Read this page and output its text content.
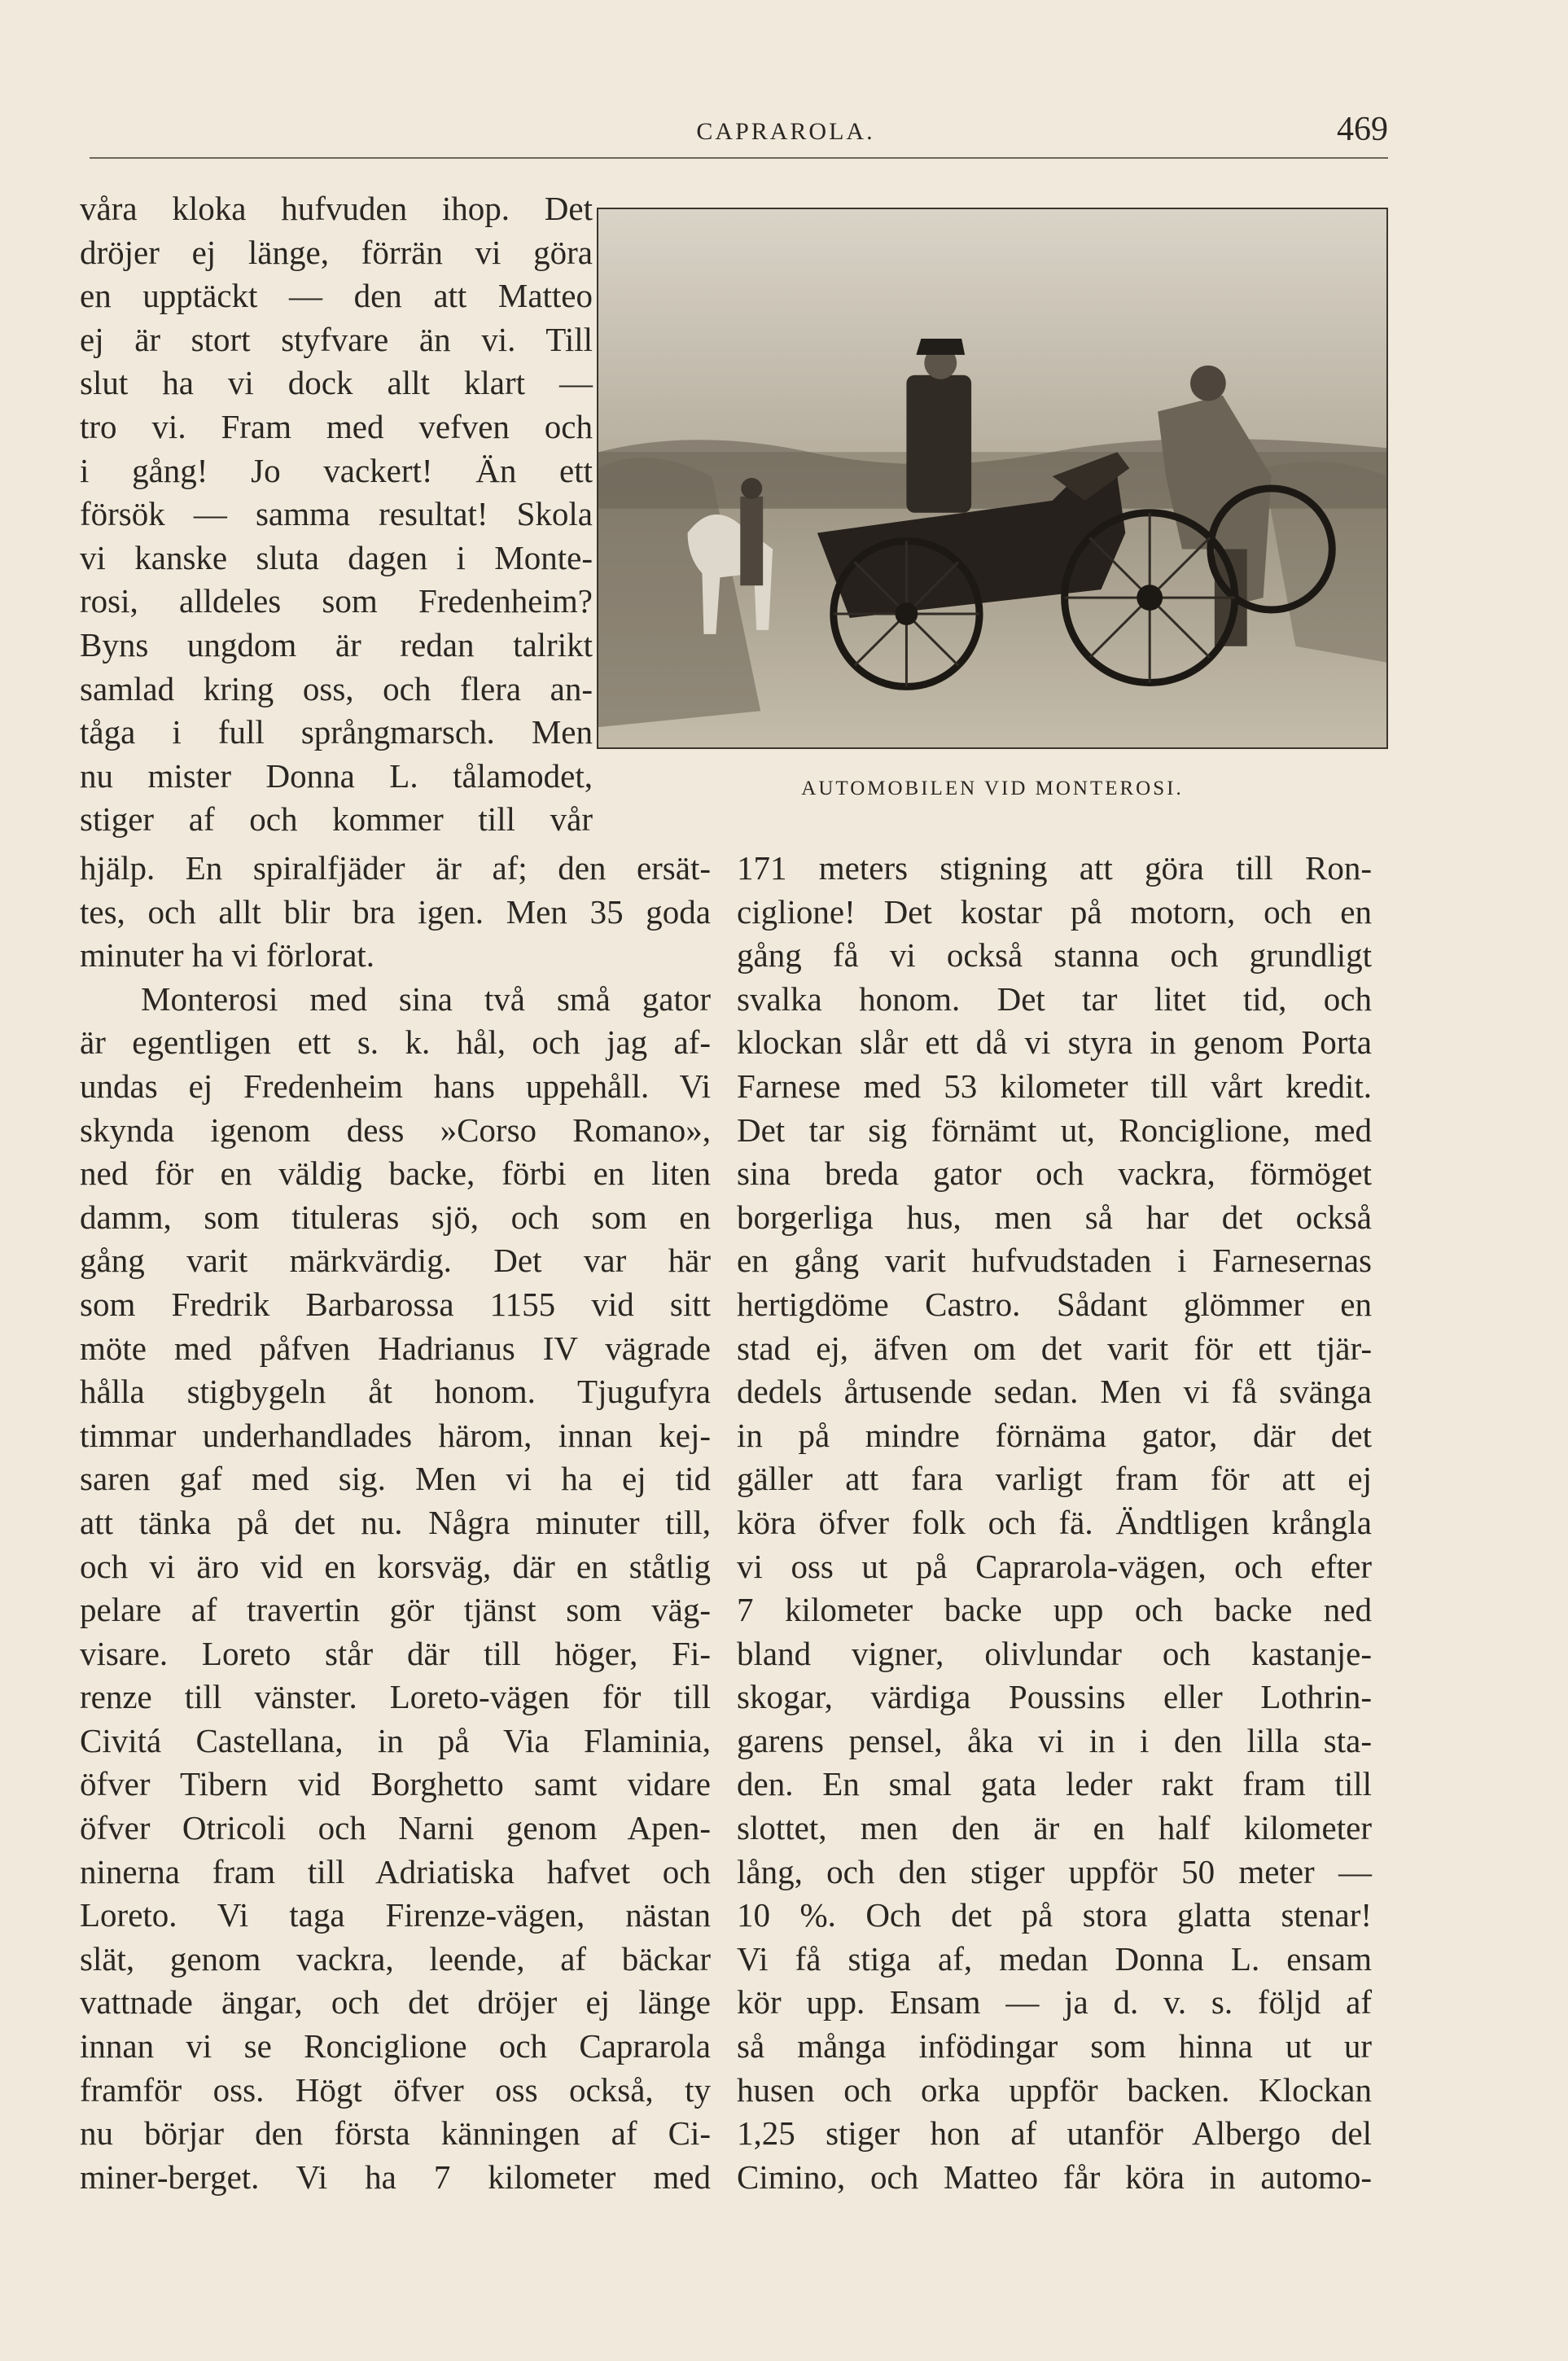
CAPRAROLA.	469
våra kloka hufvuden ihop. Det
dröjer ej länge, förrän vi göra
en upptäckt — den att Matteo
ej är stort styfvare än vi. Till
slut ha vi dock allt klart —
tro vi. Fram med vefven och
i gång! Jo vackert! Än ett
försök — samma resultat! Skola
vi kanske sluta dagen i Monte-
rosi, alldeles som Fredenheim?
Byns ungdom är redan talrikt
samlad kring oss, och flera an-
tåga i full språngmarsch. Men
nu mister Donna L. tålamodet,
stiger af och kommer till vår
AUTOMOBILEN VID MONTEROSI.
hjälp. En spiralfjäder är af; den ersät-
tes, och allt blir bra igen. Men 35 goda
minuter ha vi förlorat.
Monterosi med sina två små gator
är egentligen ett s. k. hål, och jag af-
undas ej Fredenheim hans uppehåll. Vi
skynda igenom dess »Corso Romano»,
ned för en väldig backe, förbi en liten
damm, som tituleras sjö, och som en
gång varit märkvärdig. Det var här
som Fredrik Barbarossa 1155 vid sitt
möte med påfven Hadrianus IV vägrade
hålla stigbygeln åt honom. Tjugufyra
timmar underhandlades härom, innan kej-
saren gaf med sig. Men vi ha ej tid
att tänka på det nu. Några minuter till,
och vi äro vid en korsväg, där en ståtlig
pelare af travertin gör tjänst som väg-
visare. Loreto står där till höger, Fi-
renze till vänster. Loreto-vägen för till
Civitá Castellana, in på Via Flaminia,
öfver Tibern vid Borghetto samt vidare
öfver Otricoli och Narni genom Apen-
ninerna fram till Adriatiska hafvet och
Loreto. Vi taga Firenze-vägen, nästan
slät, genom vackra, leende, af bäckar
vattnade ängar, och det dröjer ej länge
innan vi se Ronciglione och Caprarola
framför oss. Högt öfver oss också, ty
nu börjar den första känningen af Ci-
miner-berget. Vi ha 7 kilometer med
171 meters stigning att göra till Ron-
ciglione! Det kostar på motorn, och en
gång få vi också stanna och grundligt
svalka honom. Det tar litet tid, och
klockan slår ett då vi styra in genom Porta
Farnese med 53 kilometer till vårt kredit.
Det tar sig förnämt ut, Ronciglione, med
sina breda gator och vackra, förmöget
borgerliga hus, men så har det också
en gång varit hufvudstaden i Farnesernas
hertigdöme Castro. Sådant glömmer en
stad ej, äfven om det varit för ett tjär-
dedels årtusende sedan. Men vi få svänga
in på mindre förnäma gator, där det
gäller att fara varligt fram för att ej
köra öfver folk och fä. Ändtligen krångla
vi oss ut på Caprarola-vägen, och efter
7 kilometer backe upp och backe ned
bland vigner, olivlundar och kastanje-
skogar, värdiga Poussins eller Lothrin-
garens pensel, åka vi in i den lilla sta-
den. En smal gata leder rakt fram till
slottet, men den är en half kilometer
lång, och den stiger uppför 50 meter —
10 %. Och det på stora glatta stenar!
Vi få stiga af, medan Donna L. ensam
kör upp. Ensam — ja d. v. s. följd af
så många infödingar som hinna ut ur
husen och orka uppför backen. Klockan
1,25 stiger hon af utanför Albergo del
Cimino, och Matteo får köra in automo-
